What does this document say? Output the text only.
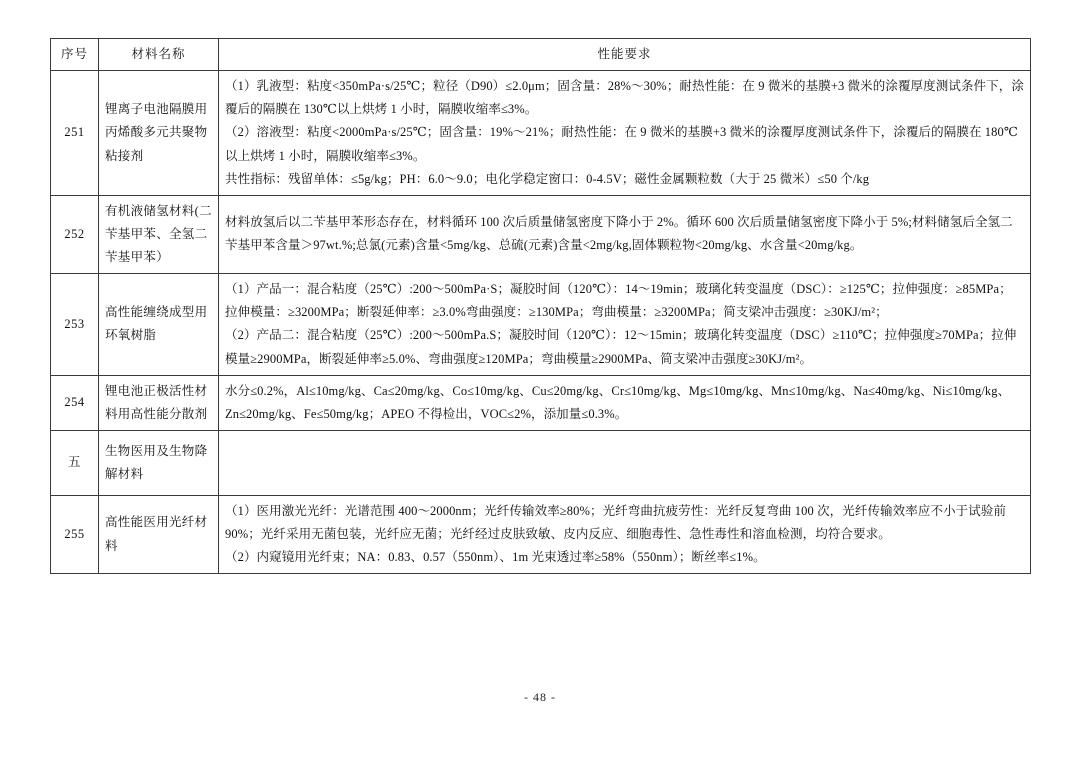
序号	材料名称	性能要求
251	锂离子电池隔膜用丙烯酸多元共聚物粘接剂	（1）乳液型：粘度<350mPa·s/25℃；粒径（D90）≤2.0μm；固含量：28%～30%；耐热性能：在 9 微米的基膜+3 微米的涂覆厚度测试条件下，涂覆后的隔膜在 130℃以上烘烤 1 小时，隔膜收缩率≤3%。

（2）溶液型：粘度<2000mPa·s/25℃；固含量：19%～21%；耐热性能：在 9 微米的基膜+3 微米的涂覆厚度测试条件下，涂覆后的隔膜在 180℃以上烘烤 1 小时，隔膜收缩率≤3%。

共性指标：残留单体：≤5g/kg；PH：6.0～9.0；电化学稳定窗口：0-4.5V；磁性金属颗粒数（大于 25 微米）≤50 个/kg

252	有机液储氢材料(二苄基甲苯、全氢二苄基甲苯）	材料放氢后以二苄基甲苯形态存在，材料循环 100 次后质量储氢密度下降小于 2%。循环 600 次后质量储氢密度下降小于 5%;材料储氢后全氢二苄基甲苯含量＞97wt.%;总氯(元素)含量<5mg/kg、总硫(元素)含量<2mg/kg,固体颗粒物<20mg/kg、水含量<20mg/kg。

253	高性能缠绕成型用环氧树脂	（1）产品一：混合粘度（25℃）:200～500mPa·S；凝胶时间（120℃）：14～19min；玻璃化转变温度（DSC）：≥125℃；拉伸强度：≥85MPa；拉伸模量：≥3200MPa；断裂延伸率：≥3.0%弯曲强度：≥130MPa；弯曲模量：≥3200MPa；简支梁冲击强度：≥30KJ/m²；

（2）产品二：混合粘度（25℃）:200～500mPa.S；凝胶时间（120℃）：12～15min；玻璃化转变温度（DSC）≥110℃；拉伸强度≥70MPa；拉伸模量≥2900MPa，断裂延伸率≥5.0%、弯曲强度≥120MPa；弯曲模量≥2900MPa、简支梁冲击强度≥30KJ/m²。

254	锂电池正极活性材料用高性能分散剂	水分≤0.2%，Al≤10mg/kg、Ca≤20mg/kg、Co≤10mg/kg、Cu≤20mg/kg、Cr≤10mg/kg、Mg≤10mg/kg、Mn≤10mg/kg、Na≤40mg/kg、Ni≤10mg/kg、Zn≤20mg/kg、Fe≤50mg/kg；APEO 不得检出，VOC≤2%，添加量≤0.3%。

五	生物医用及生物降解材料	
255	高性能医用光纤材料	（1）医用激光光纤：光谱范围 400～2000nm；光纤传输效率≥80%；光纤弯曲抗疲劳性：光纤反复弯曲 100 次，光纤传输效率应不小于试验前 90%；光纤采用无菌包装，光纤应无菌；光纤经过皮肤致敏、皮内反应、细胞毒性、急性毒性和溶血检测，均符合要求。

（2）内窥镜用光纤束；NA：0.83、0.57（550nm）、1m 光束透过率≥58%（550nm）；断丝率≤1%。

- 48 -
